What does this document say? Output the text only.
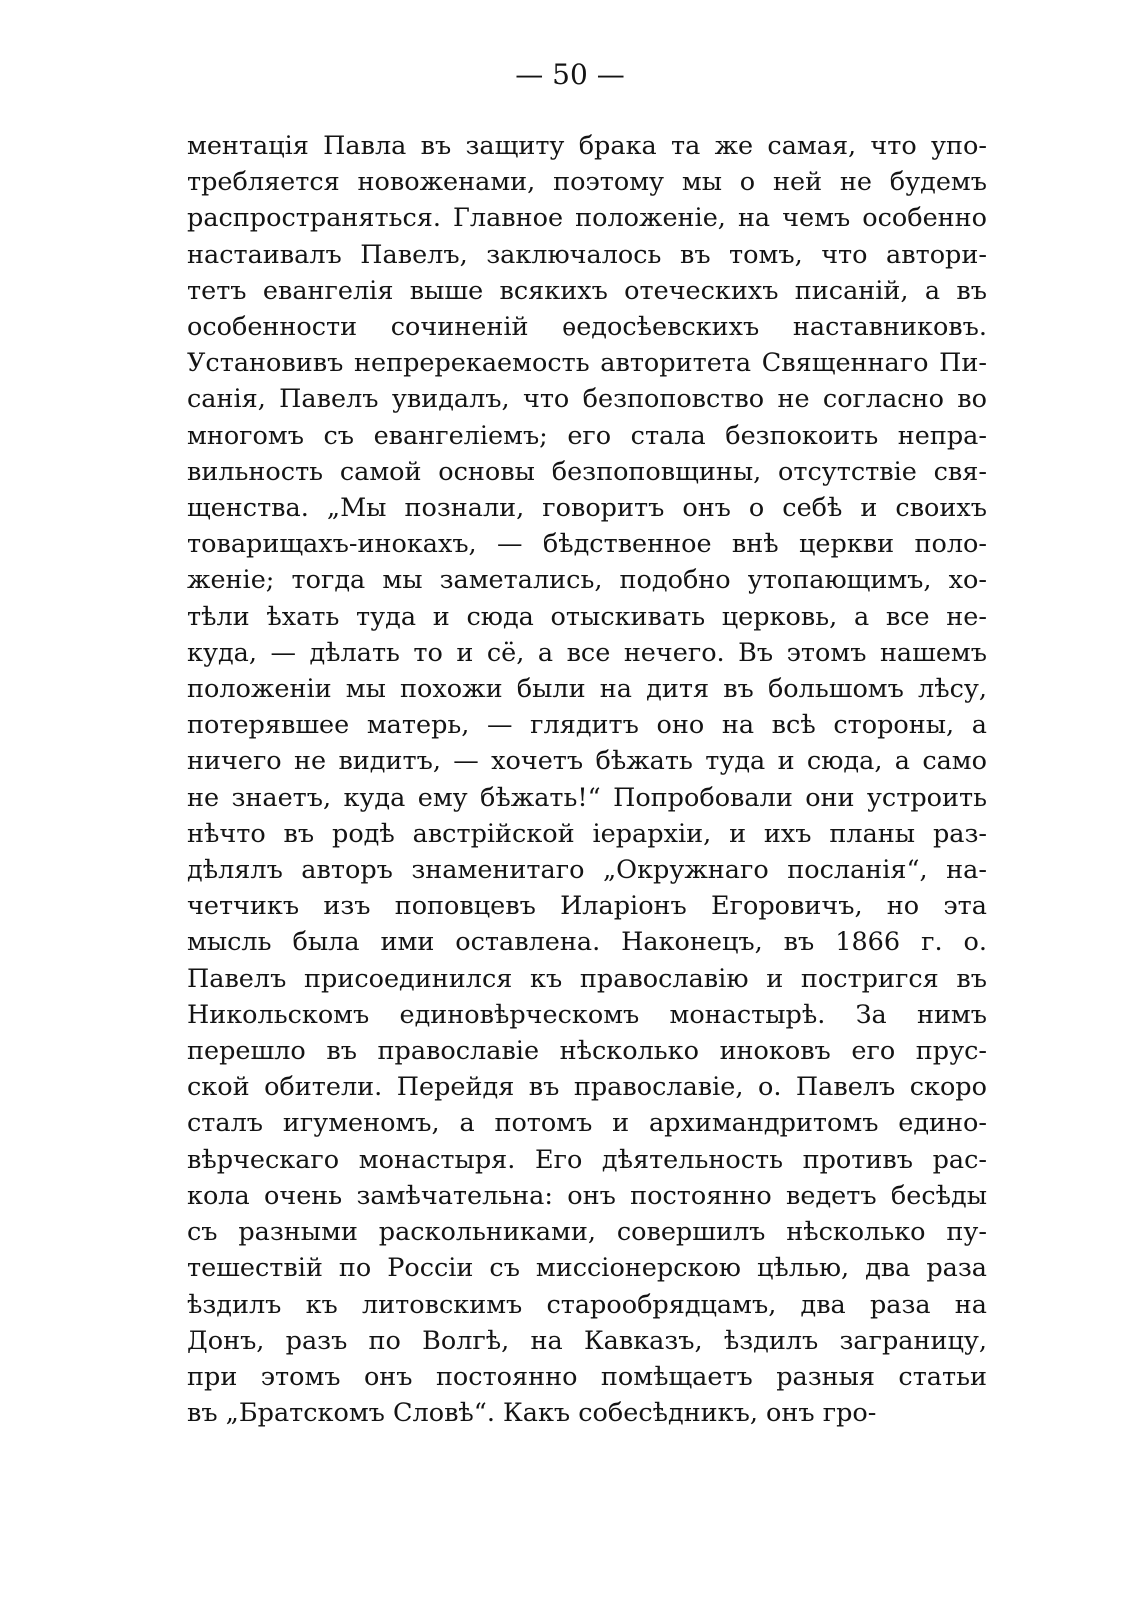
— 50 —
ментація Павла въ защиту брака та же самая, что упо-
требляется новоженами, поэтому мы о ней не будемъ
распространяться. Главное положеніе, на чемъ особенно
настаивалъ Павелъ, заключалось въ томъ, что автори-
тетъ евангелія выше всякихъ отеческихъ писаній, а въ
особенности сочиненій ѳедосѣевскихъ наставниковъ.
Установивъ непререкаемость авторитета Священнаго Пи-
санія, Павелъ увидалъ, что безпоповство не согласно во
многомъ съ евангеліемъ; его стала безпокоить непра-
вильность самой основы безпоповщины, отсутствіе свя-
щенства. „Мы познали, говоритъ онъ о себѣ и своихъ
товарищахъ-инокахъ, — бѣдственное внѣ церкви поло-
женіе; тогда мы заметались, подобно утопающимъ, хо-
тѣли ѣхать туда и сюда отыскивать церковь, а все не-
куда, — дѣлать то и сё, а все нечего. Въ этомъ нашемъ
положеніи мы похожи были на дитя въ большомъ лѣсу,
потерявшее матерь, — глядитъ оно на всѣ стороны, а
ничего не видитъ, — хочетъ бѣжать туда и сюда, а само
не знаетъ, куда ему бѣжать!“ Попробовали они устроить
нѣчто въ родѣ австрійской іерархіи, и ихъ планы раз-
дѣлялъ авторъ знаменитаго „Окружнаго посланія“, на-
четчикъ изъ поповцевъ Иларіонъ Егоровичъ, но эта
мысль была ими оставлена. Наконецъ, въ 1866 г. о.
Павелъ присоединился къ православію и постригся въ
Никольскомъ единовѣрческомъ монастырѣ. За нимъ
перешло въ православіе нѣсколько иноковъ его прус-
ской обители. Перейдя въ православіе, о. Павелъ скоро
сталъ игуменомъ, а потомъ и архимандритомъ едино-
вѣрческаго монастыря. Его дѣятельность противъ рас-
кола очень замѣчательна: онъ постоянно ведетъ бесѣды
съ разными раскольниками, совершилъ нѣсколько пу-
тешествій по Россіи съ миссіонерскою цѣлью, два раза
ѣздилъ къ литовскимъ старообрядцамъ, два раза на
Донъ, разъ по Волгѣ, на Кавказъ, ѣздилъ заграницу,
при этомъ онъ постоянно помѣщаетъ разныя статьи
въ „Братскомъ Словѣ“. Какъ собесѣдникъ, онъ гро-
